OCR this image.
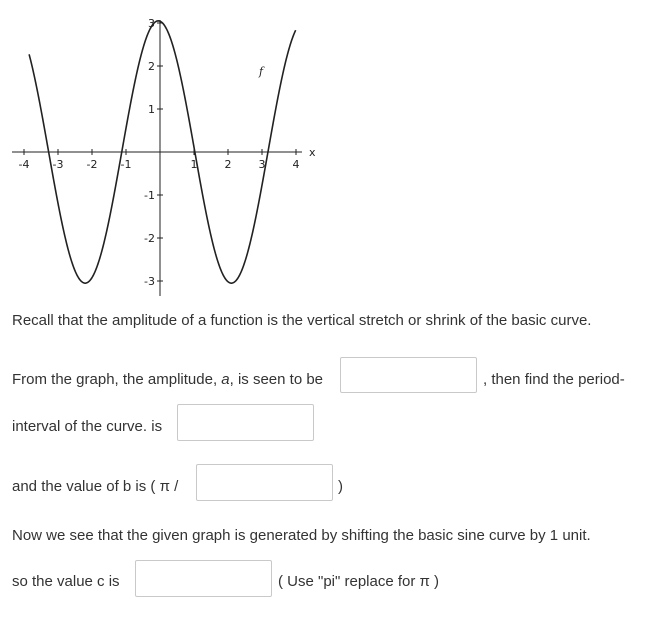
-4 -3 -2 -1	1 2 3 4
3
2
1
-1
-2
-3
f
x
Recall that the amplitude of a function is the vertical stretch or shrink of the basic curve.
From the graph, the amplitude, a, is seen to be	, then find the period-
interval of the curve. is
and the value of b is ( π /	)
Now we see that the given graph is generated by shifting the basic sine curve by 1 unit.
so the value c is	( Use "pi" replace for π )
